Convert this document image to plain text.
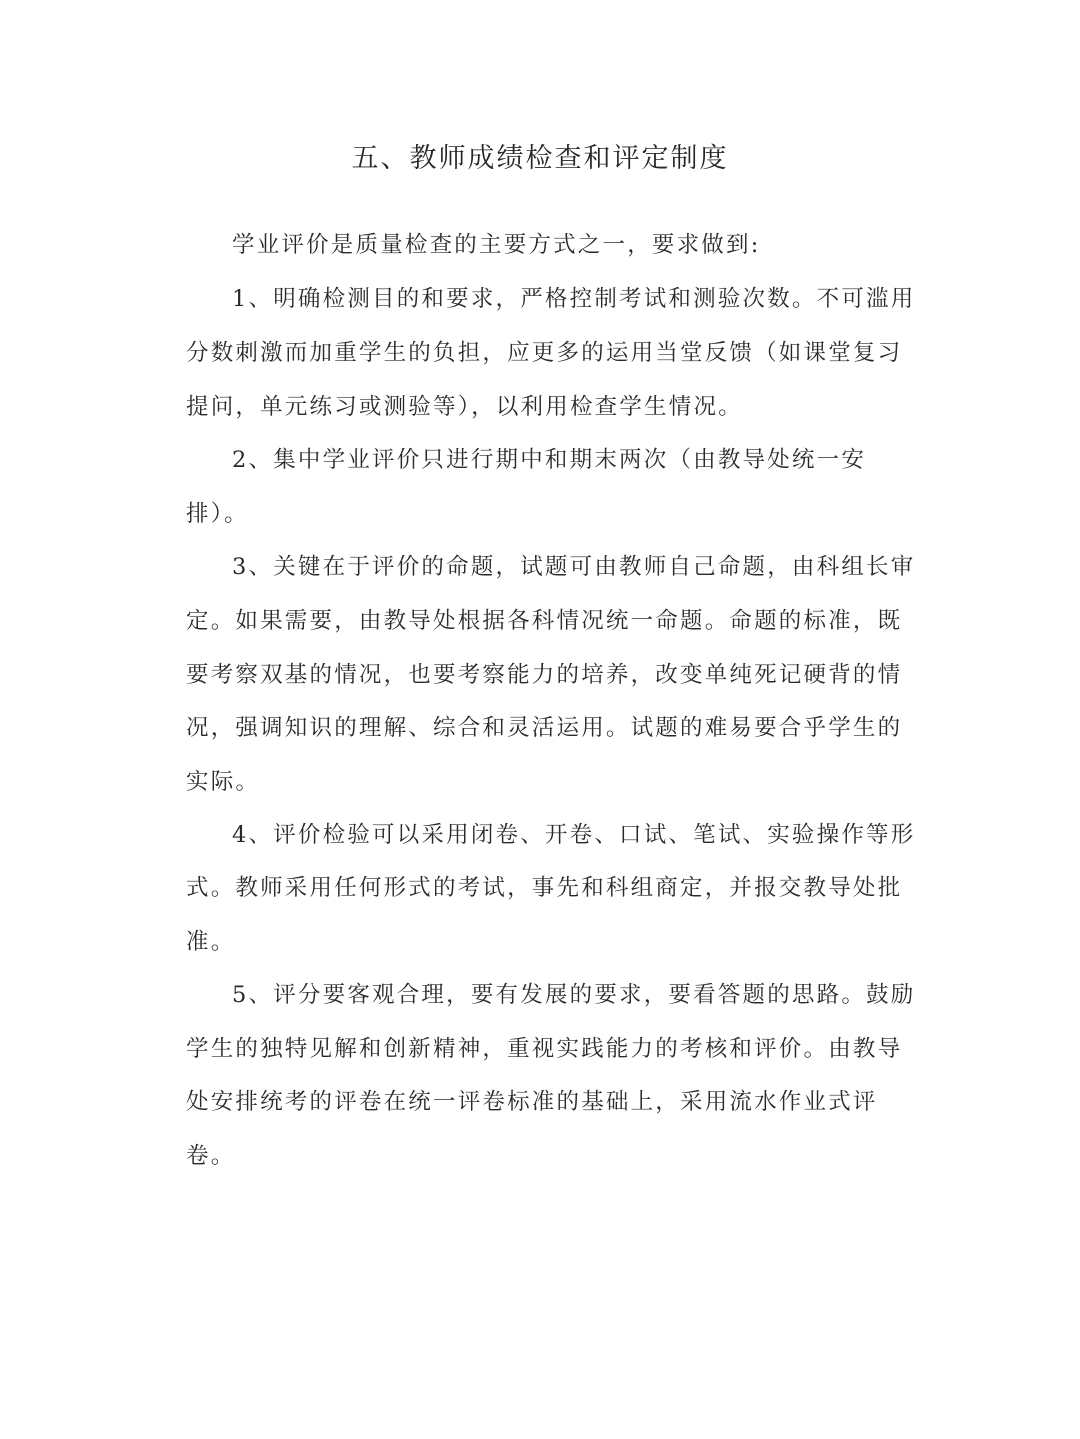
五、教师成绩检查和评定制度
学业评价是质量检查的主要方式之一，要求做到:
1、明确检测目的和要求，严格控制考试和测验次数。不可滥用
分数刺激而加重学生的负担，应更多的运用当堂反馈（如课堂复习
提问，单元练习或测验等），以利用检查学生情况。
2、集中学业评价只进行期中和期末两次（由教导处统一安
排）。
3、关键在于评价的命题，试题可由教师自己命题，由科组长审
定。如果需要，由教导处根据各科情况统一命题。命题的标准，既
要考察双基的情况，也要考察能力的培养，改变单纯死记硬背的情
况，强调知识的理解、综合和灵活运用。试题的难易要合乎学生的
实际。
4、评价检验可以采用闭卷、开卷、口试、笔试、实验操作等形
式。教师采用任何形式的考试，事先和科组商定，并报交教导处批
准。
5、评分要客观合理，要有发展的要求，要看答题的思路。鼓励
学生的独特见解和创新精神，重视实践能力的考核和评价。由教导
处安排统考的评卷在统一评卷标准的基础上，采用流水作业式评
卷。
